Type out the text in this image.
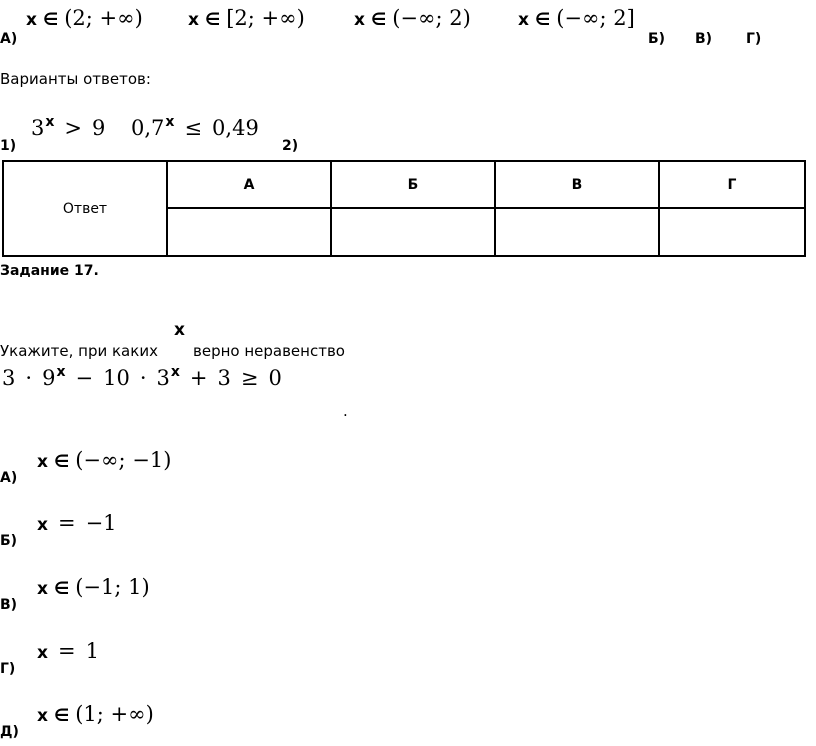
А)
x ∈ (2; +∞)	x ∈ [2; +∞)	x ∈ (−∞; 2)	x ∈ (−∞; 2]
Б) В) Г)
Варианты ответов:
1)
3x > 9 0,7x ≤ 0,49
2)
Ответ	А	Б	В	Г

Задание 17.
Укажите, при каких
x
верно неравенство
3 · 9x − 10 · 3x + 3 ≥ 0
.
А)
x ∈ (−∞; −1)
Б)
x = −1
В)
x ∈ (−1; 1)
Г)
x = 1
Д)
x ∈ (1; +∞)
